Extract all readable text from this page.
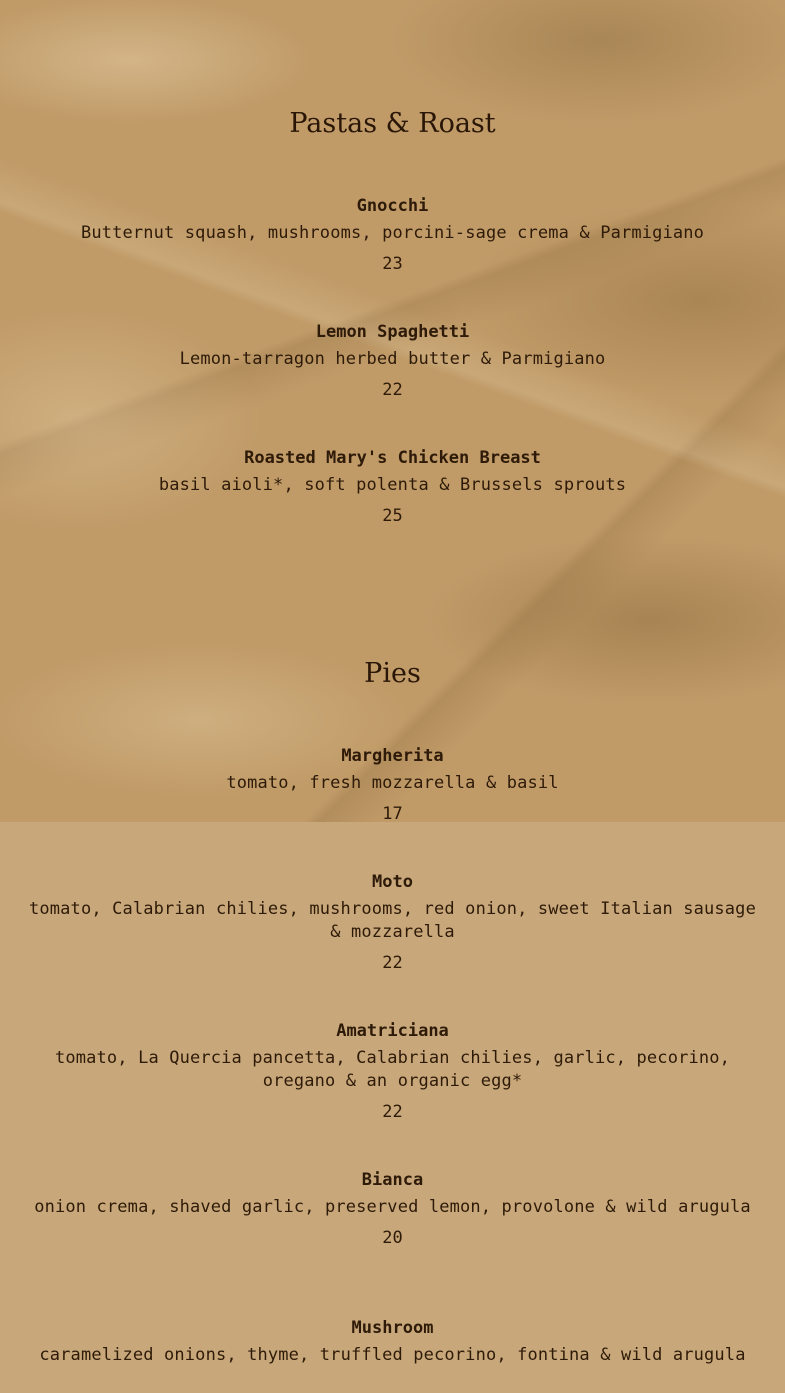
Pastas & Roast
Gnocchi
Butternut squash, mushrooms, porcini-sage crema & Parmigiano
23
Lemon Spaghetti
Lemon-tarragon herbed butter & Parmigiano
22
Roasted Mary's Chicken Breast
basil aioli*, soft polenta & Brussels sprouts
25
Pies
Margherita
tomato, fresh mozzarella & basil
17
Moto
tomato, Calabrian chilies, mushrooms, red onion, sweet Italian sausage & mozzarella
22
Amatriciana
tomato, La Quercia pancetta, Calabrian chilies, garlic, pecorino, oregano & an organic egg*
22
Bianca
onion crema, shaved garlic, preserved lemon, provolone & wild arugula
20
Mushroom
caramelized onions, thyme, truffled pecorino, fontina & wild arugula
